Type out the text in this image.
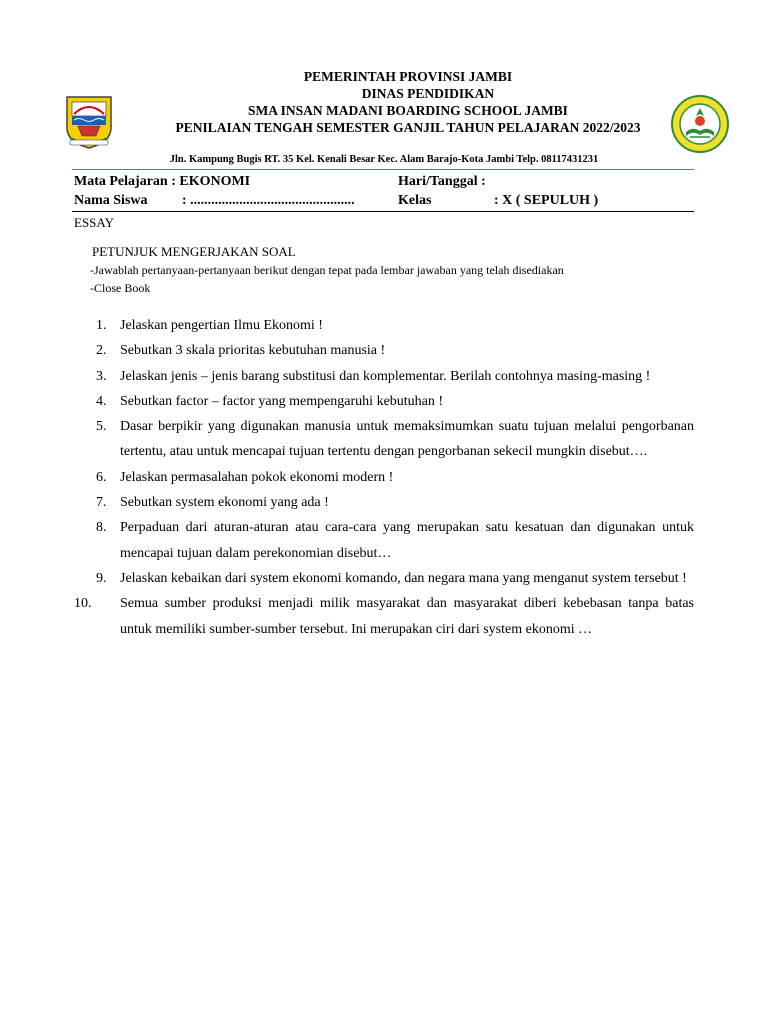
PEMERINTAH PROVINSI JAMBI
DINAS PENDIDIKAN
SMA INSAN MADANI BOARDING SCHOOL JAMBI
PENILAIAN TENGAH SEMESTER GANJIL TAHUN PELAJARAN 2022/2023
Jln. Kampung Bugis RT. 35 Kel. Kenali Besar Kec. Alam Barajo-Kota Jambi Telp. 08117431231
Mata Pelajaran : EKONOMI	Hari/Tanggal :
Nama Siswa : ...............................................	Kelas	: X ( SEPULUH )
ESSAY
PETUNJUK MENGERJAKAN SOAL
-Jawablah pertanyaan-pertanyaan berikut dengan tepat pada lembar jawaban yang telah disediakan
-Close Book
1. Jelaskan pengertian Ilmu Ekonomi !
2. Sebutkan 3 skala prioritas kebutuhan manusia !
3. Jelaskan jenis – jenis barang substitusi dan komplementar. Berilah contohnya masing-masing !
4. Sebutkan factor – factor yang mempengaruhi kebutuhan !
5. Dasar berpikir yang digunakan manusia untuk memaksimumkan suatu tujuan melalui pengorbanan tertentu, atau untuk mencapai tujuan tertentu dengan pengorbanan sekecil mungkin disebut….
6. Jelaskan permasalahan pokok ekonomi modern !
7. Sebutkan system ekonomi yang ada !
8. Perpaduan dari aturan-aturan atau cara-cara yang merupakan satu kesatuan dan digunakan untuk mencapai tujuan dalam perekonomian disebut…
9. Jelaskan kebaikan dari system ekonomi komando, dan negara mana yang menganut system tersebut !
10. Semua sumber produksi menjadi milik masyarakat dan masyarakat diberi kebebasan tanpa batas untuk memiliki sumber-sumber tersebut. Ini merupakan ciri dari system ekonomi …
